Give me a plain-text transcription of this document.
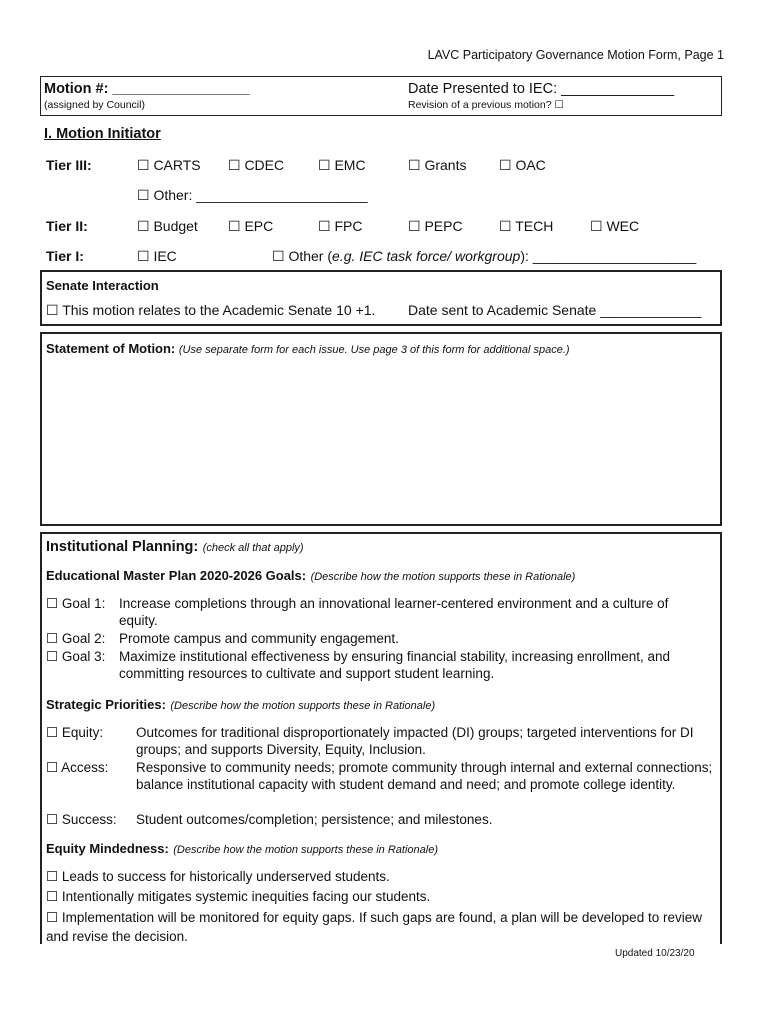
LAVC Participatory Governance Motion Form, Page 1
Motion #: _________________
(assigned by Council)
Date Presented to IEC: ______________
Revision of a previous motion? ☐
I. Motion Initiator
Tier III:	☐ CARTS ☐ CDEC ☐ EMC	☐ Grants ☐ OAC
☐ Other: ______________________
Tier II:	☐ Budget ☐ EPC	☐ FPC	☐ PEPC	☐ TECH	☐ WEC
Tier I:	☐ IEC	☐ Other (e.g. IEC task force/ workgroup): _____________________
Senate Interaction
☐ This motion relates to the Academic Senate 10 +1. Date sent to Academic Senate _____________
Statement of Motion: (Use separate form for each issue. Use page 3 of this form for additional space.)
Institutional Planning: (check all that apply)
Educational Master Plan 2020-2026 Goals: (Describe how the motion supports these in Rationale)
☐ Goal 1: Increase completions through an innovational learner-centered environment and a culture of equity.
☐ Goal 2: Promote campus and community engagement.
☐ Goal 3: Maximize institutional effectiveness by ensuring financial stability, increasing enrollment, and committing resources to cultivate and support student learning.
Strategic Priorities: (Describe how the motion supports these in Rationale)
☐ Equity: Outcomes for traditional disproportionately impacted (DI) groups; targeted interventions for DI groups; and supports Diversity, Equity, Inclusion.
☐ Access: Responsive to community needs; promote community through internal and external connections; balance institutional capacity with student demand and need; and promote college identity.
☐ Success: Student outcomes/completion; persistence; and milestones.
Equity Mindedness: (Describe how the motion supports these in Rationale)
☐ Leads to success for historically underserved students.
☐ Intentionally mitigates systemic inequities facing our students.
☐ Implementation will be monitored for equity gaps. If such gaps are found, a plan will be developed to review and revise the decision.
Updated 10/23/20
